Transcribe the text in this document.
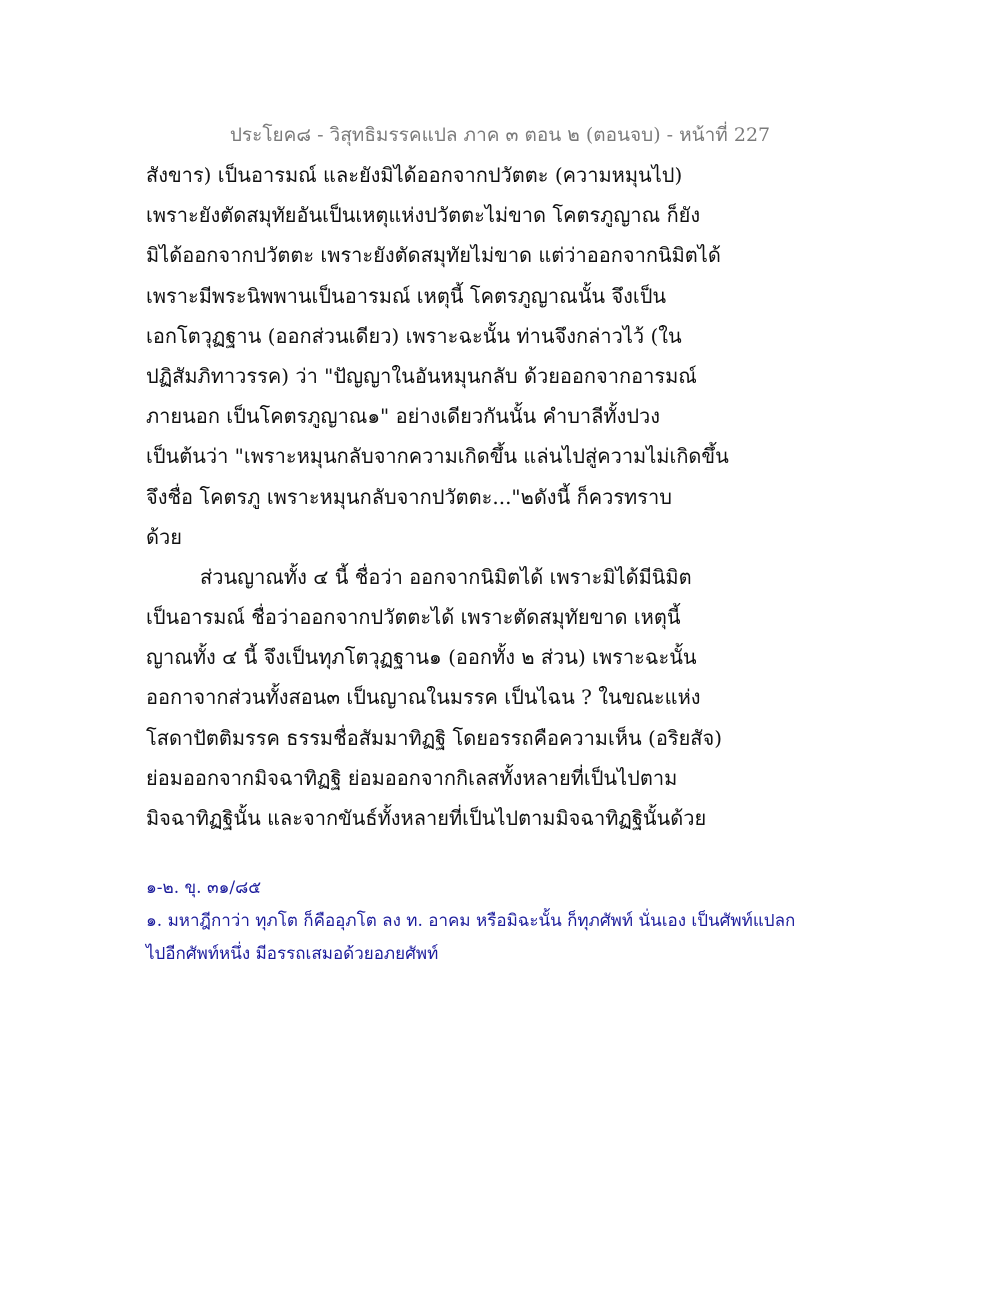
ประโยค๘ - วิสุทธิมรรคแปล ภาค ๓ ตอน ๒ (ตอนจบ) - หน้าที่ 227
สังขาร) เป็นอารมณ์ และยังมิได้ออกจากปวัตตะ (ความหมุนไป)
เพราะยังตัดสมุทัยอันเป็นเหตุแห่งปวัตตะไม่ขาด โคตรภูญาณ ก็ยัง
มิได้ออกจากปวัตตะ เพราะยังตัดสมุทัยไม่ขาด แต่ว่าออกจากนิมิตได้
เพราะมีพระนิพพานเป็นอารมณ์ เหตุนี้ โคตรภูญาณนั้น จึงเป็น
เอกโตวุฏฐาน (ออกส่วนเดียว) เพราะฉะนั้น ท่านจึงกล่าวไว้ (ใน
ปฏิสัมภิทาวรรค) ว่า "ปัญญาในอันหมุนกลับ ด้วยออกจากอารมณ์
ภายนอก เป็นโคตรภูญาณ๑" อย่างเดียวกันนั้น คำบาลีทั้งปวง
เป็นต้นว่า "เพราะหมุนกลับจากความเกิดขึ้น แล่นไปสู่ความไม่เกิดขึ้น
จึงชื่อ โคตรภู เพราะหมุนกลับจากปวัตตะ..."๒ดังนี้ ก็ควรทราบ
ด้วย
ส่วนญาณทั้ง ๔ นี้ ชื่อว่า ออกจากนิมิตได้ เพราะมิได้มีนิมิต
เป็นอารมณ์ ชื่อว่าออกจากปวัตตะได้ เพราะตัดสมุทัยขาด เหตุนี้
ญาณทั้ง ๔ นี้ จึงเป็นทุภโตวุฏฐาน๑ (ออกทั้ง ๒ ส่วน) เพราะฉะนั้น
ออกาจากส่วนทั้งสอน๓ เป็นญาณในมรรค เป็นไฉน ? ในขณะแห่ง
โสดาปัตติมรรค ธรรมชื่อสัมมาทิฏฐิ โดยอรรถคือความเห็น (อริยสัจ)
ย่อมออกจากมิจฉาทิฏฐิ ย่อมออกจากกิเลสทั้งหลายที่เป็นไปตาม
มิจฉาทิฏฐินั้น และจากขันธ์ทั้งหลายที่เป็นไปตามมิจฉาทิฏฐินั้นด้วย
๑-๒. ขุ. ๓๑/๘๕
๑. มหาฎีกาว่า ทุภโต ก็คืออุภโต ลง ท. อาคม หรือมิฉะนั้น ก็ทุภศัพท์ นั่นเอง เป็นศัพท์แปลก
ไปอีกศัพท์หนึ่ง มีอรรถเสมอด้วยอภยศัพท์
